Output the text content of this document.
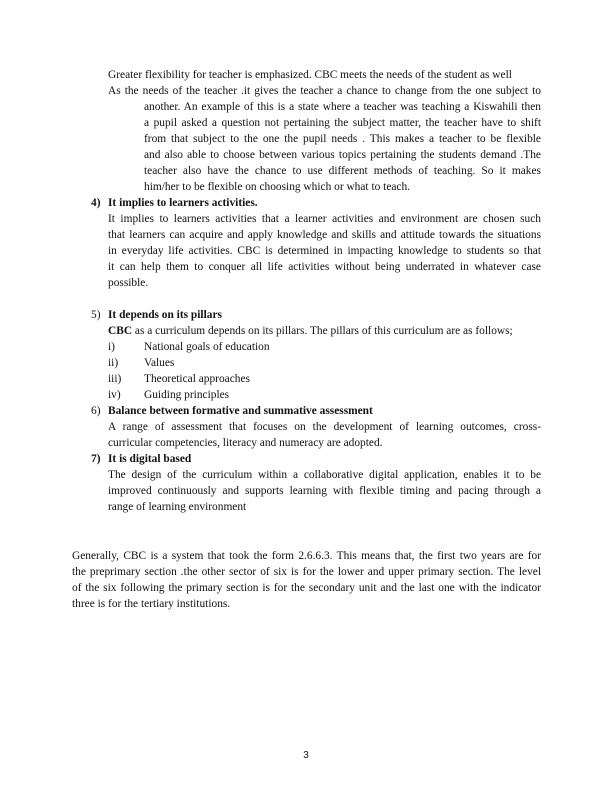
Greater flexibility for teacher is emphasized. CBC meets the needs of the student as well
As the needs of the teacher .it gives the teacher a chance to change from the one subject to
another. An example of this is a state where a teacher was teaching a Kiswahili then
a pupil asked a question not pertaining the subject matter, the teacher have to shift
from that subject to the one the pupil needs . This makes a teacher to be flexible
and also able to choose between various topics pertaining the students demand .The
teacher also have the chance to use different methods of teaching. So it makes
him/her to be flexible on choosing which or what to teach.
4) It implies to learners activities.
It implies to learners activities that a learner activities and environment are chosen such
that learners can acquire and apply knowledge and skills and attitude towards the situations
in everyday life activities. CBC is determined in impacting knowledge to students so that
it can help them to conquer all life activities without being underrated in whatever case
possible.
5) It depends on its pillars
CBC as a curriculum depends on its pillars. The pillars of this curriculum are as follows;
i)	National goals of education
ii) Values
iii) Theoretical approaches
iv) Guiding principles
6) Balance between formative and summative assessment
A range of assessment that focuses on the development of learning outcomes, cross-
curricular competencies, literacy and numeracy are adopted.
7) It is digital based
The design of the curriculum within a collaborative digital application, enables it to be
improved continuously and supports learning with flexible timing and pacing through a
range of learning environment
Generally, CBC is a system that took the form 2.6.6.3. This means that, the first two years are for
the preprimary section .the other sector of six is for the lower and upper primary section. The level
of the six following the primary section is for the secondary unit and the last one with the indicator
three is for the tertiary institutions.
3
